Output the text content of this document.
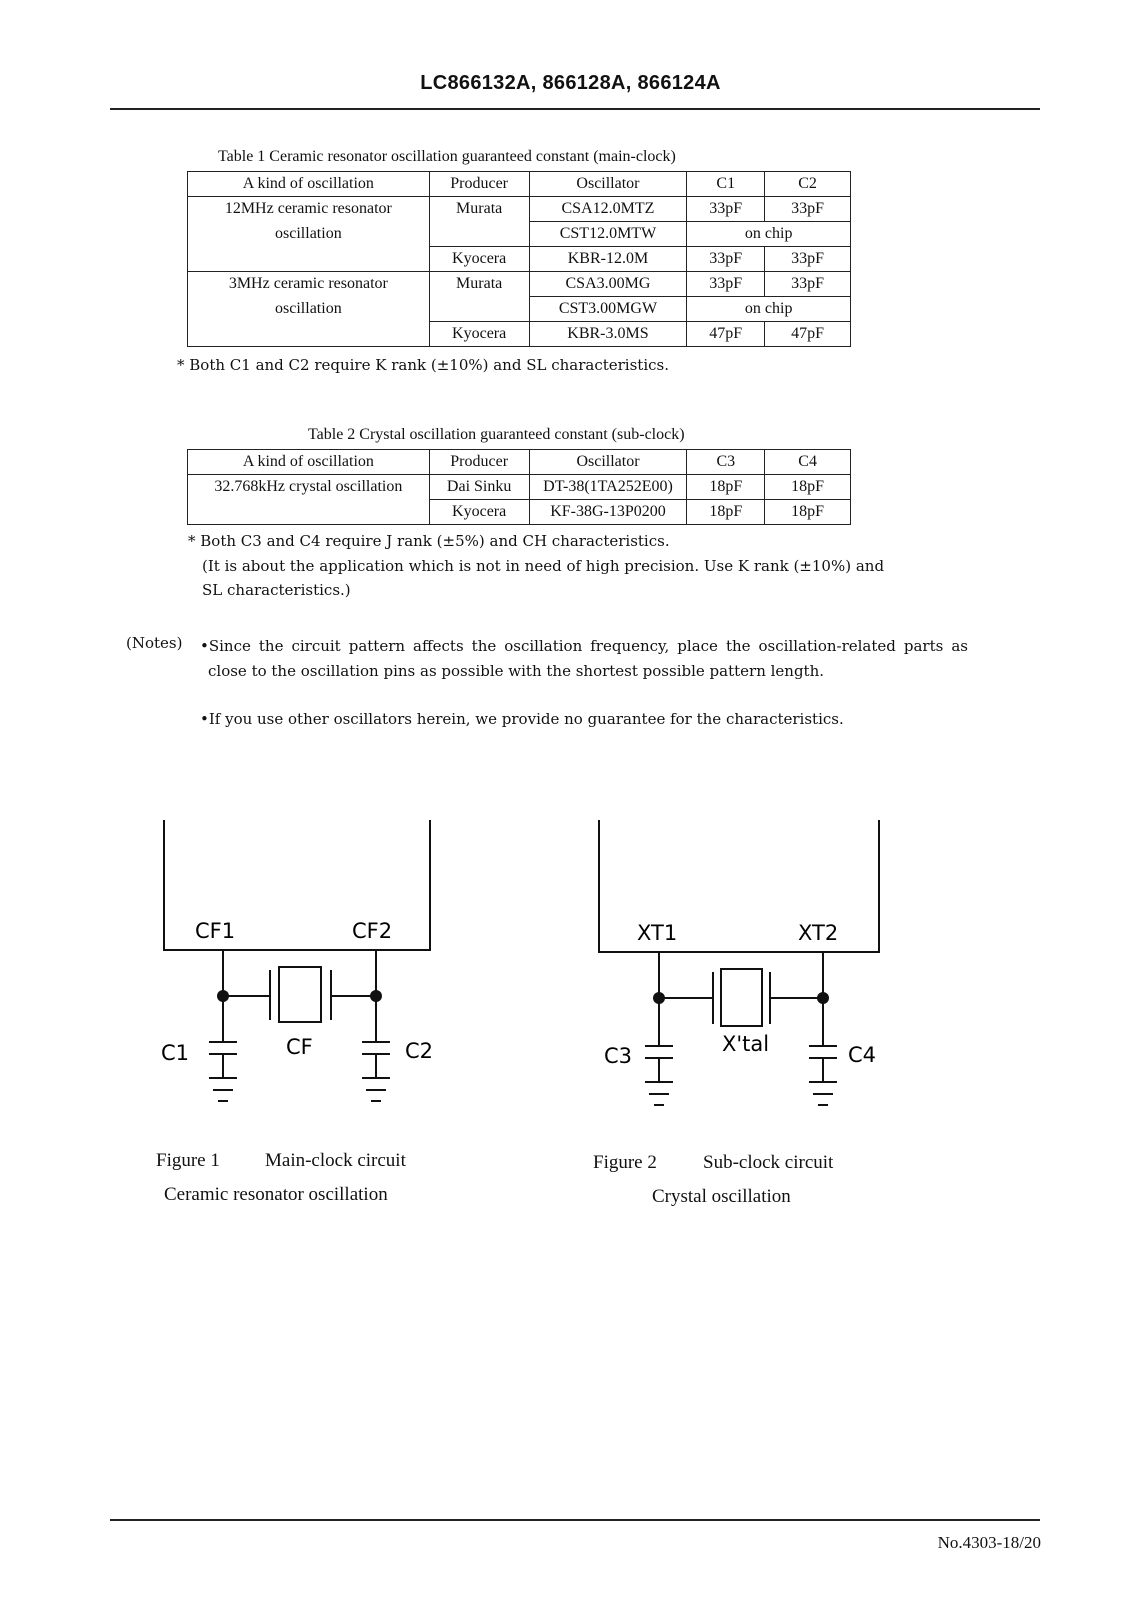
LC866132A, 866128A, 866124A
Table 1 Ceramic resonator oscillation guaranteed constant (main-clock)
A kind of oscillation	Producer	Oscillator	C1	C2
12MHz ceramic resonator	Murata	CSA12.0MTZ	33pF	33pF
oscillation		CST12.0MTW	on chip	
	Kyocera	KBR-12.0M	33pF	33pF
3MHz ceramic resonator	Murata	CSA3.00MG	33pF	33pF
oscillation		CST3.00MGW	on chip	
	Kyocera	KBR-3.0MS	47pF	47pF
* Both C1 and C2 require K rank (±10%) and SL characteristics.
Table 2 Crystal oscillation guaranteed constant (sub-clock)
A kind of oscillation	Producer	Oscillator	C3	C4
32.768kHz crystal oscillation	Dai Sinku	DT-38(1TA252E00)	18pF	18pF
	Kyocera	KF-38G-13P0200	18pF	18pF
* Both C3 and C4 require J rank (±5%) and CH characteristics.
(It is about the application which is not in need of high precision. Use K rank (±10%) and
SL characteristics.)
(Notes) •Since the circuit pattern affects the oscillation frequency, place the oscillation-related parts as close to the oscillation pins as possible with the shortest possible pattern length.
•If you use other oscillators herein, we provide no guarantee for the characteristics.
CF1	CF2
C1	C2
CF
Figure 1 Main-clock circuit
Ceramic resonator oscillation
XT1	XT2
C3	C4
X'tal
Figure 2 Sub-clock circuit
Crystal oscillation
No.4303-18/20
